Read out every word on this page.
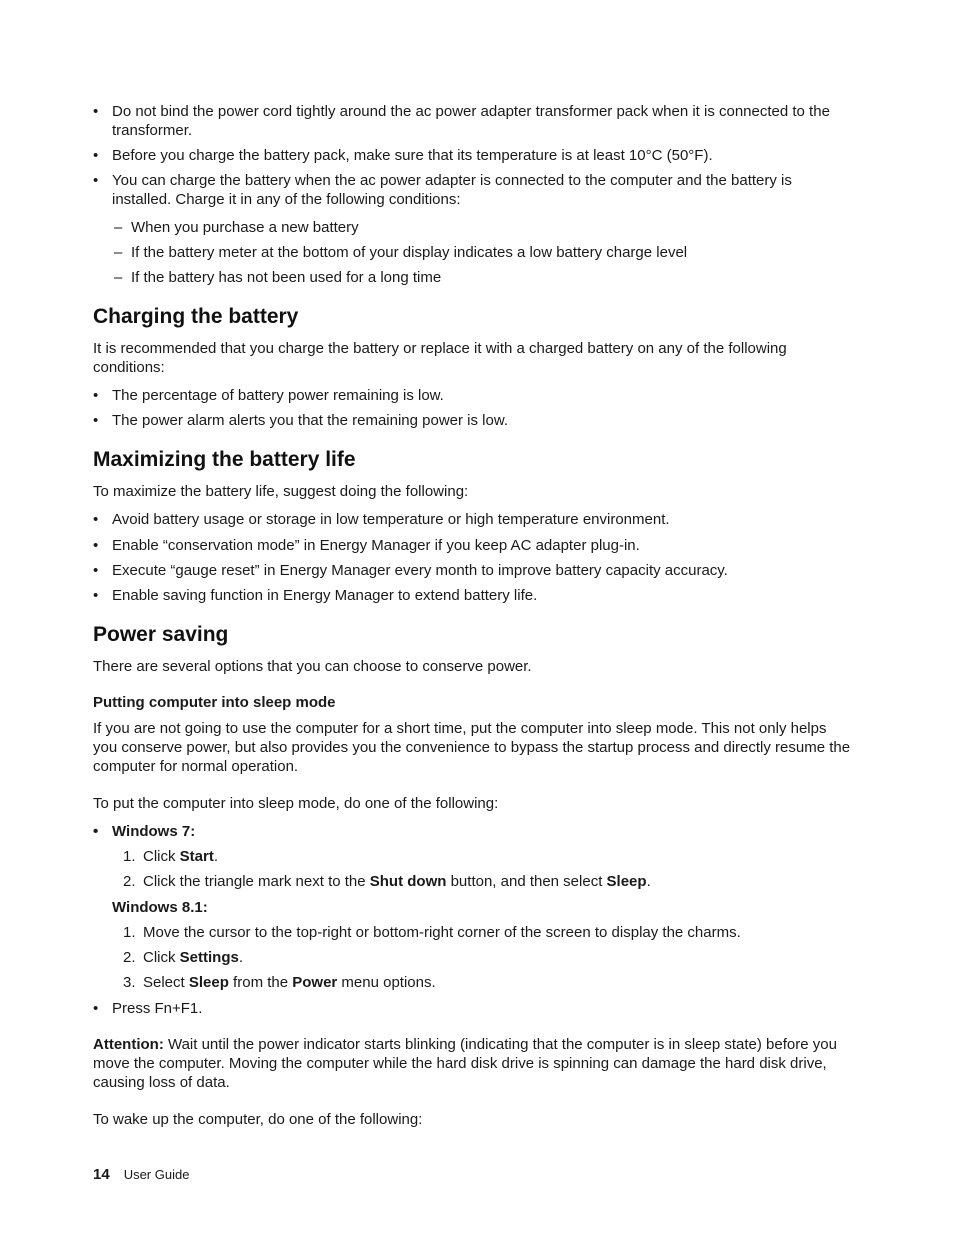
• Do not bind the power cord tightly around the ac power adapter transformer pack when it is connected to the transformer.
• Before you charge the battery pack, make sure that its temperature is at least 10°C (50°F).
• You can charge the battery when the ac power adapter is connected to the computer and the battery is installed. Charge it in any of the following conditions:
– When you purchase a new battery
– If the battery meter at the bottom of your display indicates a low battery charge level
– If the battery has not been used for a long time
Charging the battery

It is recommended that you charge the battery or replace it with a charged battery on any of the following conditions:

• The percentage of battery power remaining is low.
• The power alarm alerts you that the remaining power is low.
Maximizing the battery life

To maximize the battery life, suggest doing the following:

• Avoid battery usage or storage in low temperature or high temperature environment.
• Enable “conservation mode” in Energy Manager if you keep AC adapter plug-in.
• Execute “gauge reset” in Energy Manager every month to improve battery capacity accuracy.
• Enable saving function in Energy Manager to extend battery life.
Power saving

There are several options that you can choose to conserve power.

Putting computer into sleep mode

If you are not going to use the computer for a short time, put the computer into sleep mode. This not only helps you conserve power, but also provides you the convenience to bypass the startup process and directly resume the computer for normal operation.

To put the computer into sleep mode, do one of the following:

• Windows 7:
1. Click Start.
2. Click the triangle mark next to the Shut down button, and then select Sleep.
Windows 8.1:
1. Move the cursor to the top-right or bottom-right corner of the screen to display the charms.
2. Click Settings.
3. Select Sleep from the Power menu options.
• Press Fn+F1.

Attention: Wait until the power indicator starts blinking (indicating that the computer is in sleep state) before you move the computer. Moving the computer while the hard disk drive is spinning can damage the hard disk drive, causing loss of data.

To wake up the computer, do one of the following:

14 User Guide
